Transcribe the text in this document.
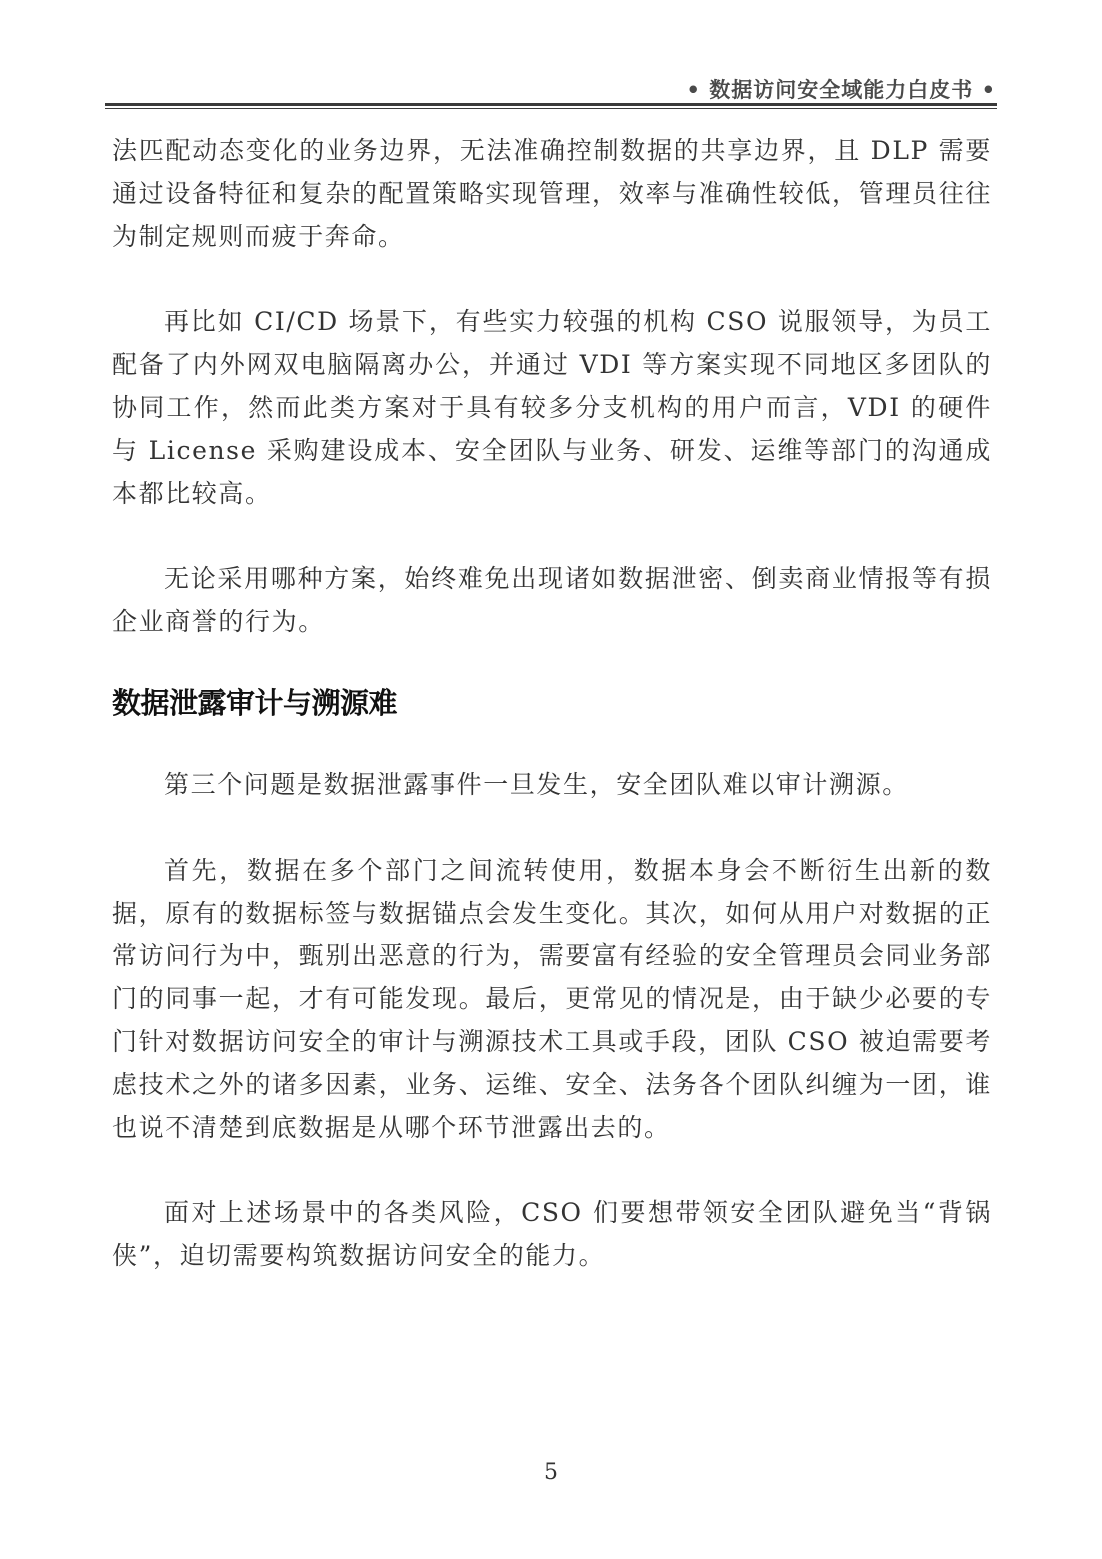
• 数据访问安全域能力白皮书 •

法匹配动态变化的业务边界，无法准确控制数据的共享边界，且 DLP 需要通过设备特征和复杂的配置策略实现管理，效率与准确性较低，管理员往往为制定规则而疲于奔命。

再比如 CI/CD 场景下，有些实力较强的机构 CSO 说服领导，为员工配备了内外网双电脑隔离办公，并通过 VDI 等方案实现不同地区多团队的协同工作，然而此类方案对于具有较多分支机构的用户而言，VDI 的硬件与 License 采购建设成本、安全团队与业务、研发、运维等部门的沟通成本都比较高。

无论采用哪种方案，始终难免出现诸如数据泄密、倒卖商业情报等有损企业商誉的行为。

数据泄露审计与溯源难

第三个问题是数据泄露事件一旦发生，安全团队难以审计溯源。

首先，数据在多个部门之间流转使用，数据本身会不断衍生出新的数据，原有的数据标签与数据锚点会发生变化。其次，如何从用户对数据的正常访问行为中，甄别出恶意的行为，需要富有经验的安全管理员会同业务部门的同事一起，才有可能发现。最后，更常见的情况是，由于缺少必要的专门针对数据访问安全的审计与溯源技术工具或手段，团队 CSO 被迫需要考虑技术之外的诸多因素，业务、运维、安全、法务各个团队纠缠为一团，谁也说不清楚到底数据是从哪个环节泄露出去的。

面对上述场景中的各类风险，CSO 们要想带领安全团队避免当“背锅侠”，迫切需要构筑数据访问安全的能力。

5
